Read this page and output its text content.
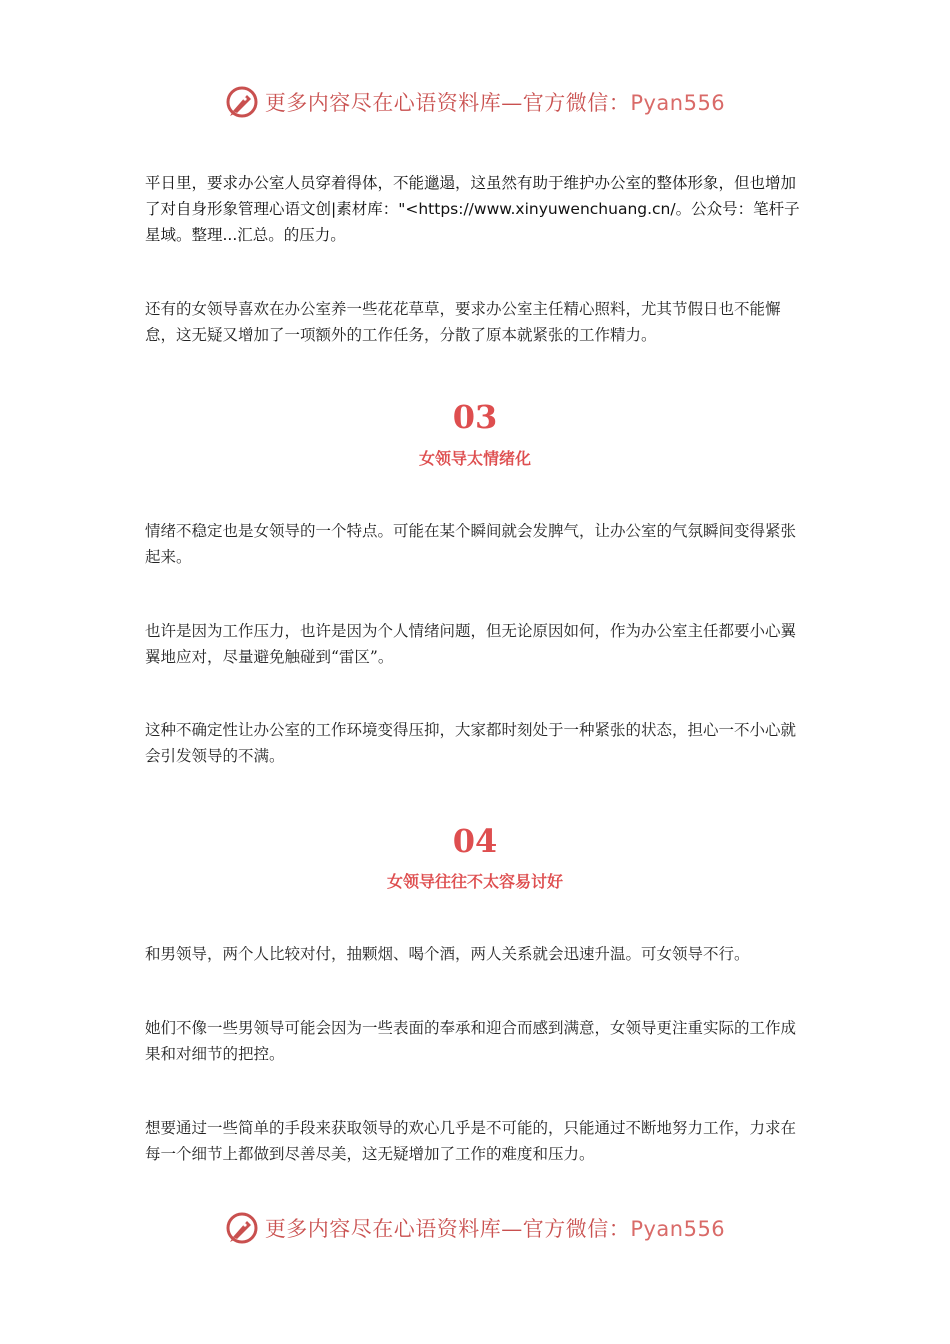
更多内容尽在心语资料库—官方微信：Pyan556

平日里，要求办公室人员穿着得体，不能邋遢，这虽然有助于维护办公室的整体形象，但也增加了对自身形象管理心语文创|素材库："<https://www.xinyuwenchuang.cn/。公众号：笔杆子星域。整理...汇总。的压力。

还有的女领导喜欢在办公室养一些花花草草，要求办公室主任精心照料，尤其节假日也不能懈怠，这无疑又增加了一项额外的工作任务，分散了原本就紧张的工作精力。

03
女领导太情绪化

情绪不稳定也是女领导的一个特点。可能在某个瞬间就会发脾气，让办公室的气氛瞬间变得紧张起来。

也许是因为工作压力，也许是因为个人情绪问题，但无论原因如何，作为办公室主任都要小心翼翼地应对，尽量避免触碰到“雷区”。

这种不确定性让办公室的工作环境变得压抑，大家都时刻处于一种紧张的状态，担心一不小心就会引发领导的不满。

04
女领导往往不太容易讨好

和男领导，两个人比较对付，抽颗烟、喝个酒，两人关系就会迅速升温。可女领导不行。

她们不像一些男领导可能会因为一些表面的奉承和迎合而感到满意，女领导更注重实际的工作成果和对细节的把控。

想要通过一些简单的手段来获取领导的欢心几乎是不可能的，只能通过不断地努力工作，力求在每一个细节上都做到尽善尽美，这无疑增加了工作的难度和压力。

更多内容尽在心语资料库—官方微信：Pyan556
